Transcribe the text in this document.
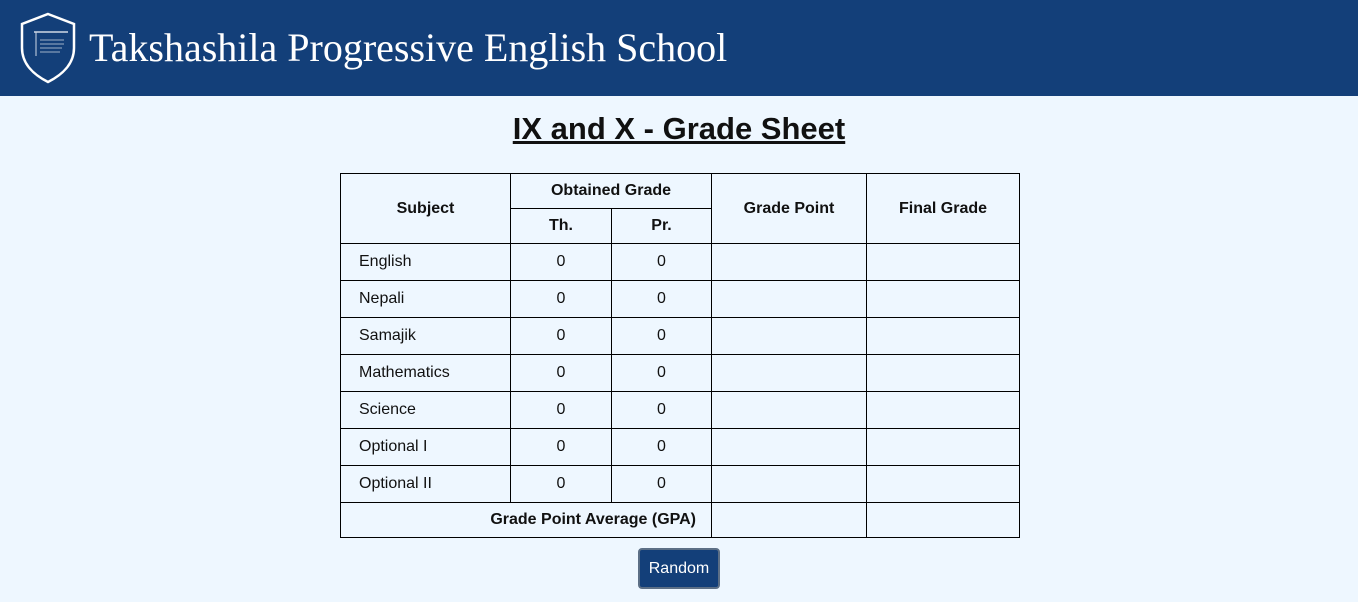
Takshashila Progressive English School
IX and X - Grade Sheet
Subject	Obtained Grade		Grade Point	Final Grade
	Th.	Pr.		
English	0	0		
Nepali	0	0		
Samajik	0	0		
Mathematics	0	0		
Science	0	0		
Optional I	0	0		
Optional II	0	0		
Grade Point Average (GPA)				
Random
